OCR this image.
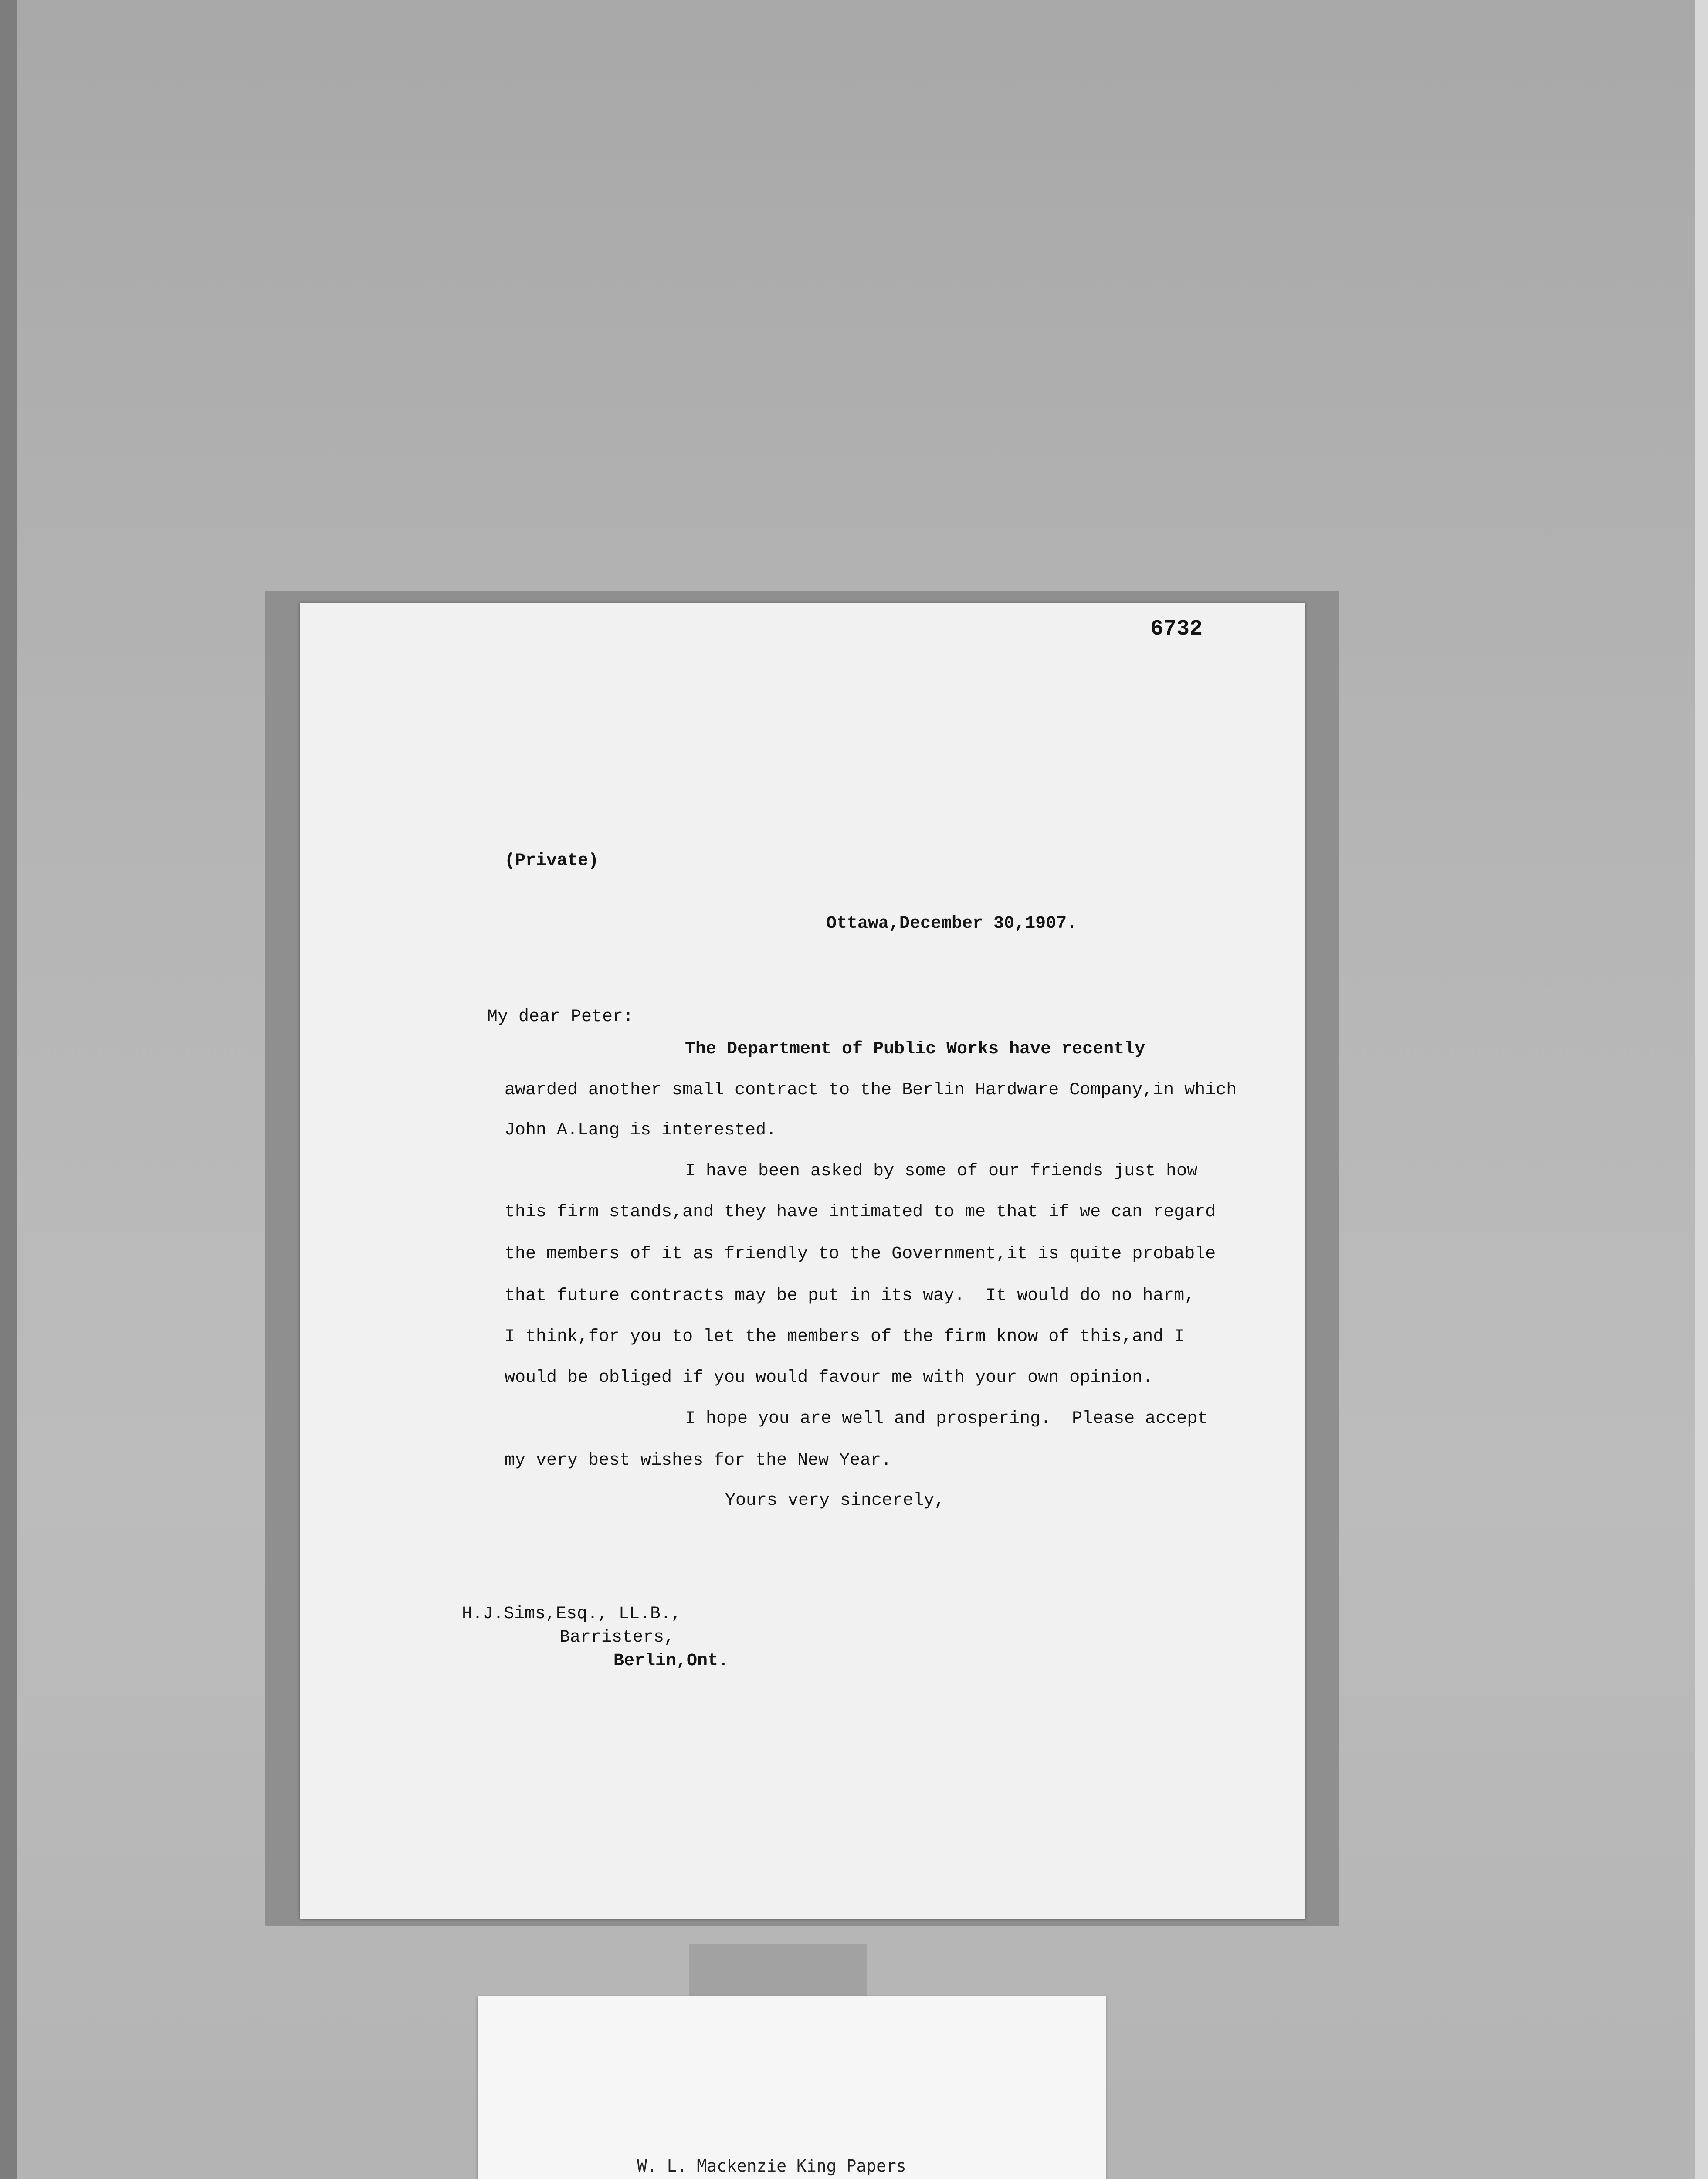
6732
(Private)
Ottawa,December 30,1907.
My dear Peter:
The Department of Public Works have recently
awarded another small contract to the Berlin Hardware Company,in which
John A.Lang is interested.
I have been asked by some of our friends just how
this firm stands,and they have intimated to me that if we can regard
the members of it as friendly to the Government,it is quite probable
that future contracts may be put in its way.  It would do no harm,
I think,for you to let the members of the firm know of this,and I
would be obliged if you would favour me with your own opinion.
I hope you are well and prospering.  Please accept
my very best wishes for the New Year.
Yours very sincerely,
H.J.Sims,Esq., LL.B.,
Barristers,
Berlin,Ont.
W. L. Mackenzie King Papers
